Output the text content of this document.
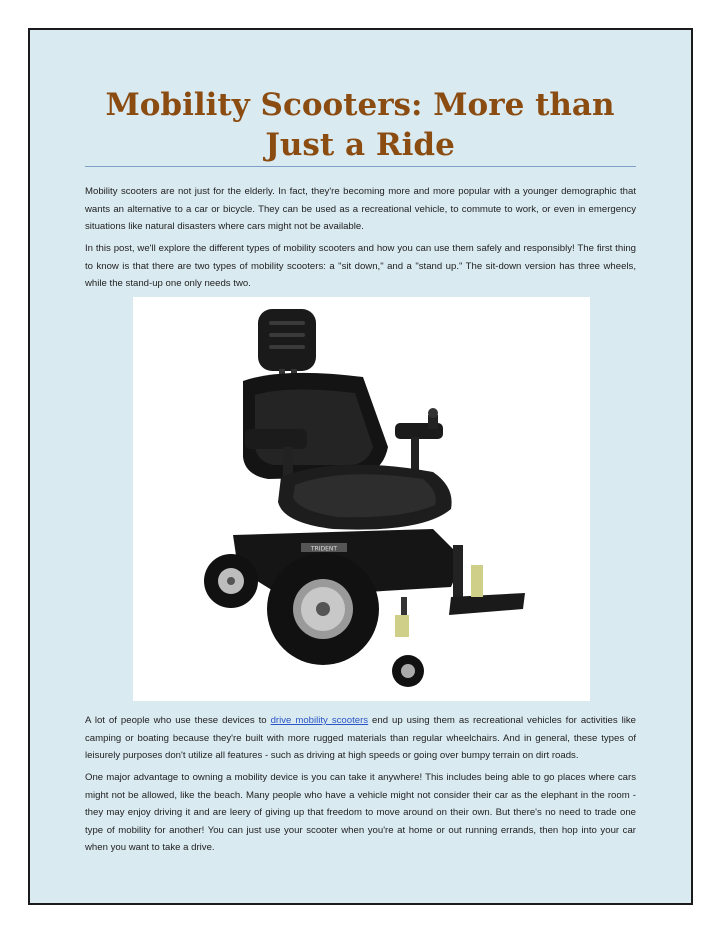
Mobility Scooters: More than Just a Ride

Mobility scooters are not just for the elderly. In fact, they're becoming more and more popular with a younger demographic that wants an alternative to a car or bicycle. They can be used as a recreational vehicle, to commute to work, or even in emergency situations like natural disasters where cars might not be available.

In this post, we'll explore the different types of mobility scooters and how you can use them safely and responsibly! The first thing to know is that there are two types of mobility scooters: a "sit down," and a "stand up." The sit-down version has three wheels, while the stand-up one only needs two.

TRIDENT

A lot of people who use these devices to drive mobility scooters end up using them as recreational vehicles for activities like camping or boating because they're built with more rugged materials than regular wheelchairs. And in general, these types of leisurely purposes don't utilize all features - such as driving at high speeds or going over bumpy terrain on dirt roads.

One major advantage to owning a mobility device is you can take it anywhere! This includes being able to go places where cars might not be allowed, like the beach. Many people who have a vehicle might not consider their car as the elephant in the room - they may enjoy driving it and are leery of giving up that freedom to move around on their own. But there's no need to trade one type of mobility for another! You can just use your scooter when you're at home or out running errands, then hop into your car when you want to take a drive.
